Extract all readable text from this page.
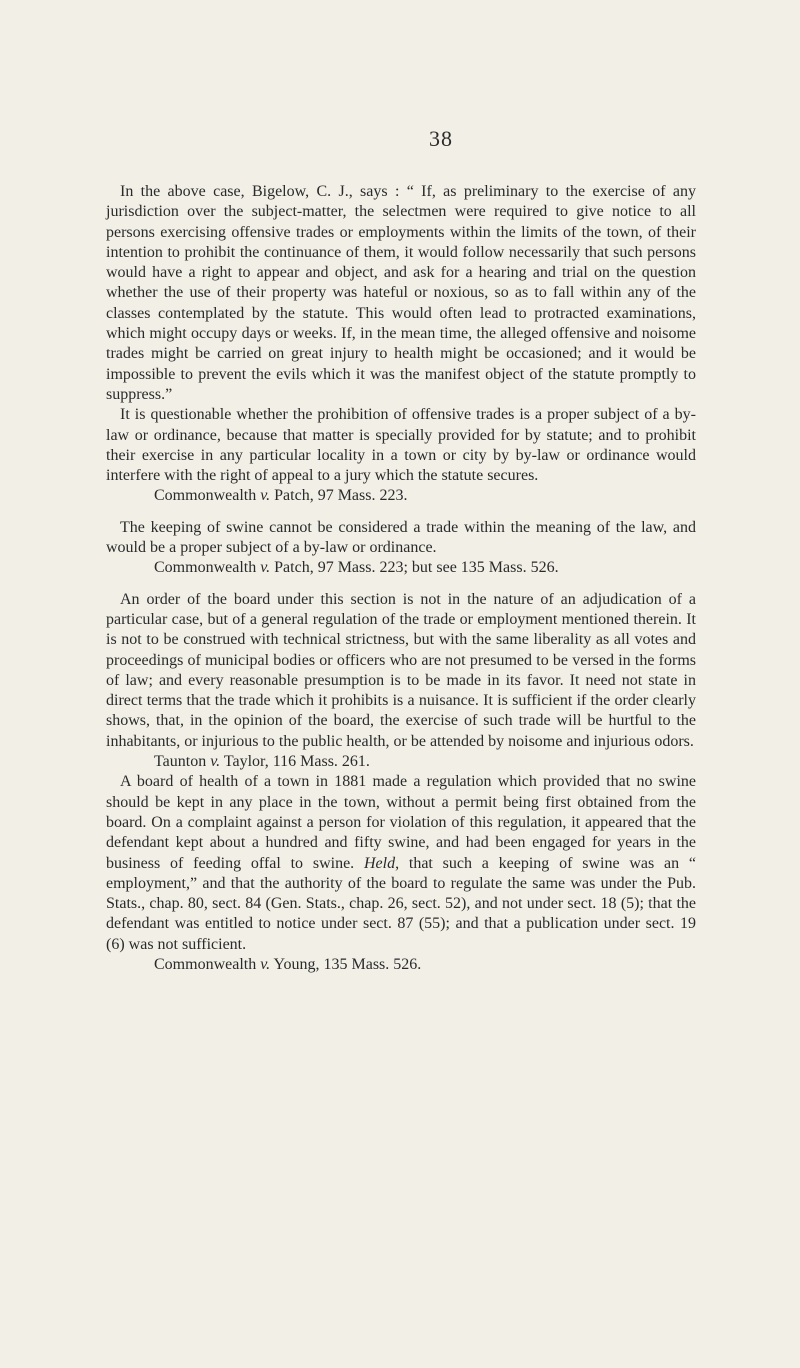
38

In the above case, Bigelow, C. J., says : “ If, as preliminary to the exercise of any jurisdiction over the subject-matter, the selectmen were required to give notice to all persons exercising offensive trades or employments within the limits of the town, of their intention to prohibit the continuance of them, it would follow necessarily that such persons would have a right to appear and object, and ask for a hearing and trial on the question whether the use of their property was hateful or noxious, so as to fall within any of the classes contemplated by the statute. This would often lead to protracted examinations, which might occupy days or weeks. If, in the mean time, the alleged offensive and noisome trades might be carried on great injury to health might be occasioned; and it would be impossible to prevent the evils which it was the manifest object of the statute promptly to suppress.”

It is questionable whether the prohibition of offensive trades is a proper subject of a by-law or ordinance, because that matter is specially provided for by statute; and to prohibit their exercise in any particular locality in a town or city by by-law or ordinance would interfere with the right of appeal to a jury which the statute secures.

Commonwealth v. Patch, 97 Mass. 223.

The keeping of swine cannot be considered a trade within the meaning of the law, and would be a proper subject of a by-law or ordinance.

Commonwealth v. Patch, 97 Mass. 223; but see 135 Mass. 526.

An order of the board under this section is not in the nature of an adjudication of a particular case, but of a general regulation of the trade or employment mentioned therein. It is not to be construed with technical strictness, but with the same liberality as all votes and proceedings of municipal bodies or officers who are not presumed to be versed in the forms of law; and every reasonable presumption is to be made in its favor. It need not state in direct terms that the trade which it prohibits is a nuisance. It is sufficient if the order clearly shows, that, in the opinion of the board, the exercise of such trade will be hurtful to the inhabitants, or injurious to the public health, or be attended by noisome and injurious odors.

Taunton v. Taylor, 116 Mass. 261.

A board of health of a town in 1881 made a regulation which provided that no swine should be kept in any place in the town, without a permit being first obtained from the board. On a complaint against a person for violation of this regulation, it appeared that the defendant kept about a hundred and fifty swine, and had been engaged for years in the business of feeding offal to swine. Held, that such a keeping of swine was an “ employment,” and that the authority of the board to regulate the same was under the Pub. Stats., chap. 80, sect. 84 (Gen. Stats., chap. 26, sect. 52), and not under sect. 18 (5); that the defendant was entitled to notice under sect. 87 (55); and that a publication under sect. 19 (6) was not sufficient.

Commonwealth v. Young, 135 Mass. 526.
